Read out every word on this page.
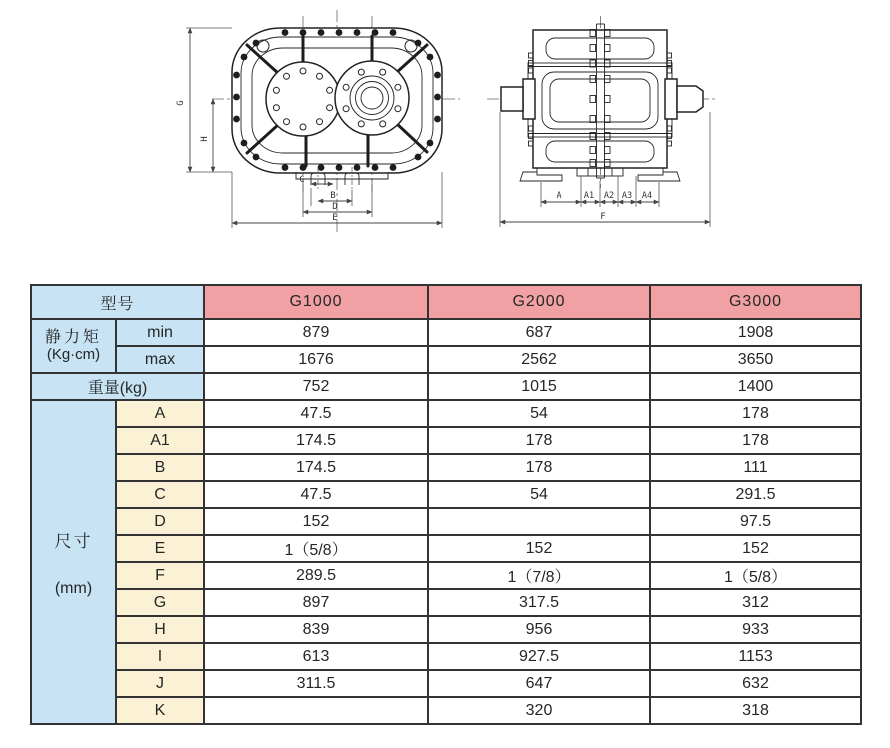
G
H
C
B
D
E
A	A1 A2 A3 A4
F
型号		G1000	G2000	G3000

静力矩
(Kg·cm)	min	879	687	1908
	max	1676	2562	3650
重量(kg)		752	1015	1400

尺寸
(mm)	A	47.5	54	178
	A1	174.5	178	178
	B	174.5	178	111
	C	47.5	54	291.5
	D	152		97.5
	E	1（5/8）	152	152
	F	289.5	1（7/8）	1（5/8）
	G	897	317.5	312
	H	839	956	933
	I	613	927.5	1153
	J	311.5	647	632
	K		320	318
